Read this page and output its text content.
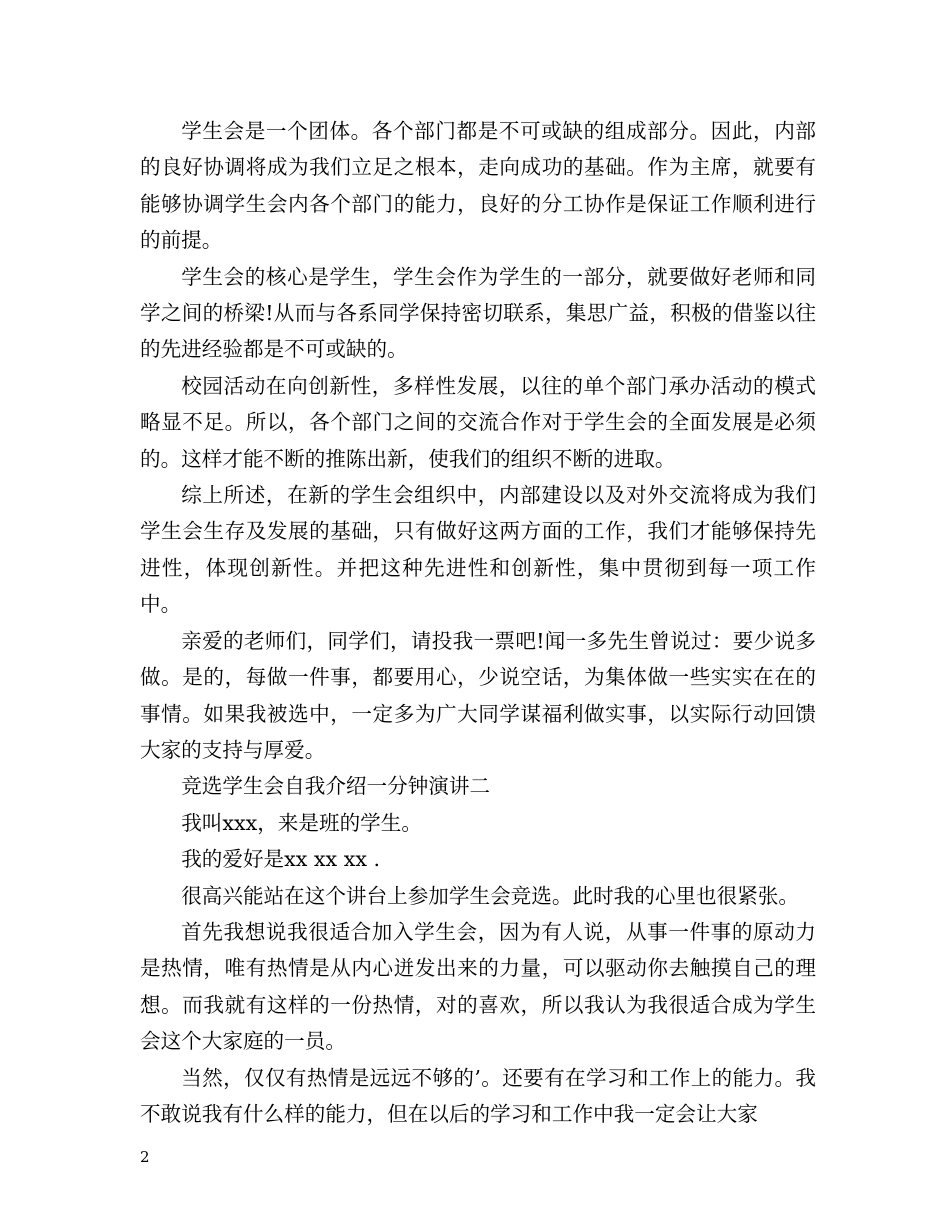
学生会是一个团体。各个部门都是不可或缺的组成部分。因此，内部的良好协调将成为我们立足之根本，走向成功的基础。作为主席，就要有能够协调学生会内各个部门的能力，良好的分工协作是保证工作顺利进行的前提。

学生会的核心是学生，学生会作为学生的一部分，就要做好老师和同学之间的桥梁!从而与各系同学保持密切联系，集思广益，积极的借鉴以往的先进经验都是不可或缺的。

校园活动在向创新性，多样性发展，以往的单个部门承办活动的模式略显不足。所以，各个部门之间的交流合作对于学生会的全面发展是必须的。这样才能不断的推陈出新，使我们的组织不断的进取。

综上所述，在新的学生会组织中，内部建设以及对外交流将成为我们学生会生存及发展的基础，只有做好这两方面的工作，我们才能够保持先进性，体现创新性。并把这种先进性和创新性，集中贯彻到每一项工作中。

亲爱的老师们，同学们，请投我一票吧!闻一多先生曾说过：要少说多做。是的，每做一件事，都要用心，少说空话，为集体做一些实实在在的事情。如果我被选中，一定多为广大同学谋福利做实事，以实际行动回馈大家的支持与厚爱。

竞选学生会自我介绍一分钟演讲二

我叫xxx，来是班的学生。

我的爱好是xx xx xx .

很高兴能站在这个讲台上参加学生会竞选。此时我的心里也很紧张。

首先我想说我很适合加入学生会，因为有人说，从事一件事的原动力是热情，唯有热情是从内心迸发出来的力量，可以驱动你去触摸自己的理想。而我就有这样的一份热情，对的喜欢，所以我认为我很适合成为学生会这个大家庭的一员。

当然，仅仅有热情是远远不够的’。还要有在学习和工作上的能力。我不敢说我有什么样的能力，但在以后的学习和工作中我一定会让大家

2
